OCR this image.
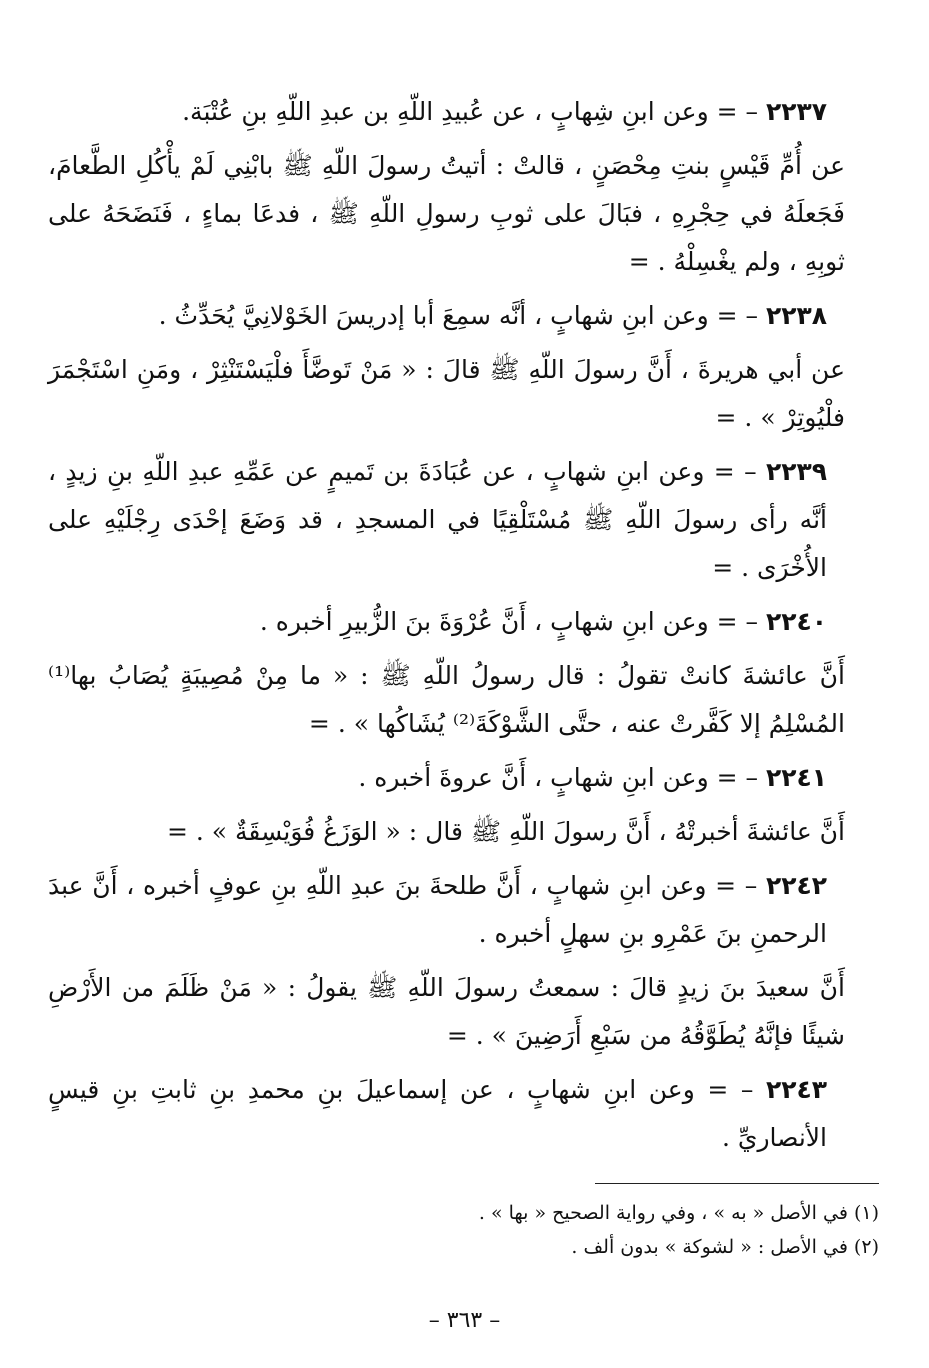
٢٢٣٧ – = وعن ابنِ شِهابٍ ، عن عُبيدِ اللّهِ بن عبدِ اللّهِ بنِ عُتْبَة.

عن أُمِّ قَيْسٍ بنتِ مِحْصَنٍ ، قالتْ : أتيتُ رسولَ اللّهِ ﷺ بابْنِي لَمْ يأْكُلِ الطَّعامَ، فَجَعلَهُ في حِجْرِهِ ، فبَالَ على ثوبِ رسولِ اللّهِ ﷺ ، فدعَا بماءٍ ، فَنَضَحَهُ على ثوبِهِ ، ولم يغْسِلْهُ . =

٢٢٣٨ – = وعن ابنِ شهابٍ ، أنَّه سمِعَ أبا إدريسَ الخَوْلانِيَّ يُحَدِّثُ .

عن أبي هريرةَ ، أَنَّ رسولَ اللّهِ ﷺ قالَ : « مَنْ تَوضَّأَ فلْيَسْتَنْثِرْ ، ومَنِ اسْتَجْمَرَ فلْيُوتِرْ » . =

٢٢٣٩ – = وعن ابنِ شهابٍ ، عن عُبَادَةَ بن تَميمٍ عن عَمِّهِ عبدِ اللّهِ بنِ زيدٍ ، أنَّه رأى رسولَ اللّهِ ﷺ مُسْتَلْقِيًا في المسجدِ ، قد وَضَعَ إحْدَى رِجْلَيْهِ على الأُخْرَى . =

٢٢٤٠ – = وعن ابنِ شهابٍ ، أَنَّ عُرْوَةَ بنَ الزُّبيرِ أخبره .

أَنَّ عائشةَ كانتْ تقولُ : قال رسولُ اللّهِ ﷺ : « ما مِنْ مُصِيبَةٍ يُصَابُ بها⁽¹⁾ المُسْلِمُ إلا كَفَّرتْ عنه ، حتَّى الشَّوْكَةَ⁽²⁾ يُشَاكُها » . =

٢٢٤١ – = وعن ابنِ شهابٍ ، أَنَّ عروةَ أخبره .

أَنَّ عائشةَ أخبرتْهُ ، أَنَّ رسولَ اللّهِ ﷺ قال : « الوَزَغُ فُوَيْسِقَةٌ » . =

٢٢٤٢ – = وعن ابنِ شهابٍ ، أَنَّ طلحةَ بنَ عبدِ اللّهِ بنِ عوفٍ أخبره ، أَنَّ عبدَ الرحمنِ بنَ عَمْرِو بنِ سهلٍ أخبره .

أَنَّ سعيدَ بنَ زيدٍ قالَ : سمعتُ رسولَ اللّهِ ﷺ يقولُ : « مَنْ ظَلَمَ من الأَرْضِ شيئًا فإنَّهُ يُطَوَّقُهُ من سَبْعِ أَرَضِينَ » . =

٢٢٤٣ – = وعن ابنِ شهابٍ ، عن إسماعيلَ بنِ محمدِ بنِ ثابتِ بنِ قيسٍ الأنصاريِّ .

(١) في الأصل « به » ، وفي رواية الصحيح « بها » .
(٢) في الأصل : « لشوكة » بدون ألف .
– ٣٦٣ –
